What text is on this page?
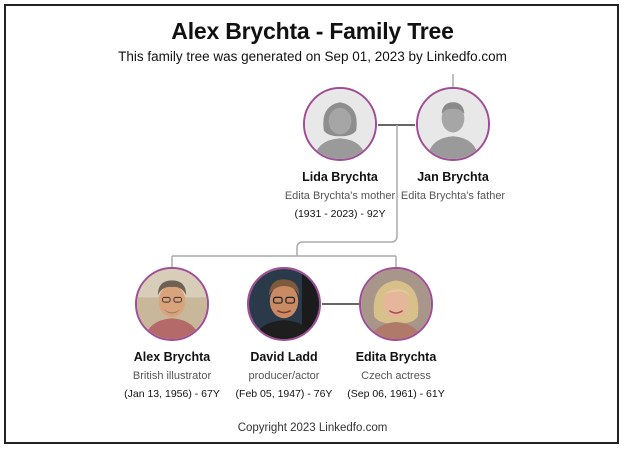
Alex Brychta - Family Tree
This family tree was generated on Sep 01, 2023 by Linkedfo.com
Lida Brychta
Edita Brychta's mother
(1931 - 2023) - 92Y
Jan Brychta
Edita Brychta's father
Alex Brychta
British illustrator
(Jan 13, 1956) - 67Y
David Ladd
producer/actor
(Feb 05, 1947) - 76Y
Edita Brychta
Czech actress
(Sep 06, 1961) - 61Y
Copyright 2023 Linkedfo.com
